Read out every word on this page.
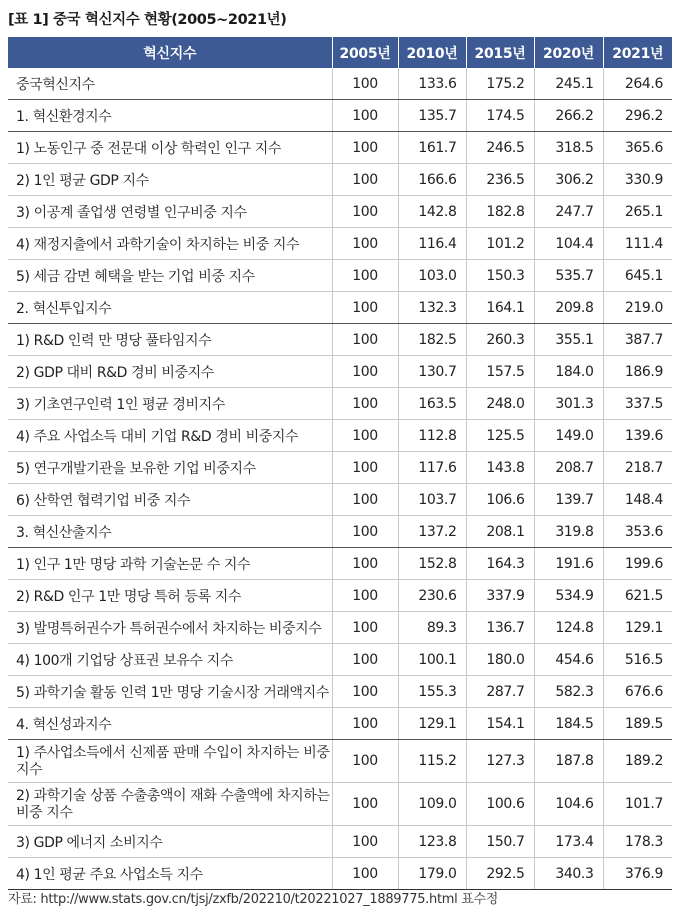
[표 1] 중국 혁신지수 현황(2005~2021년)
혁신지수	2005년	2010년	2015년	2020년	2021년
중국혁신지수	100	133.6	175.2	245.1	264.6
1. 혁신환경지수	100	135.7	174.5	266.2	296.2
1) 노동인구 중 전문대 이상 학력인 인구 지수	100	161.7	246.5	318.5	365.6
2) 1인 평균 GDP 지수	100	166.6	236.5	306.2	330.9
3) 이공계 졸업생 연령별 인구비중 지수	100	142.8	182.8	247.7	265.1
4) 재정지출에서 과학기술이 차지하는 비중 지수	100	116.4	101.2	104.4	111.4
5) 세금 감면 혜택을 받는 기업 비중 지수	100	103.0	150.3	535.7	645.1
2. 혁신투입지수	100	132.3	164.1	209.8	219.0
1) R&D 인력 만 명당 풀타임지수	100	182.5	260.3	355.1	387.7
2) GDP 대비 R&D 경비 비중지수	100	130.7	157.5	184.0	186.9
3) 기초연구인력 1인 평균 경비지수	100	163.5	248.0	301.3	337.5
4) 주요 사업소득 대비 기업 R&D 경비 비중지수	100	112.8	125.5	149.0	139.6
5) 연구개발기관을 보유한 기업 비중지수	100	117.6	143.8	208.7	218.7
6) 산학연 협력기업 비중 지수	100	103.7	106.6	139.7	148.4
3. 혁신산출지수	100	137.2	208.1	319.8	353.6
1) 인구 1만 명당 과학 기술논문 수 지수	100	152.8	164.3	191.6	199.6
2) R&D 인구 1만 명당 특허 등록 지수	100	230.6	337.9	534.9	621.5
3) 발명특허권수가 특허권수에서 차지하는 비중지수	100	89.3	136.7	124.8	129.1
4) 100개 기업당 상표권 보유수 지수	100	100.1	180.0	454.6	516.5
5) 과학기술 활동 인력 1만 명당 기술시장 거래액지수	100	155.3	287.7	582.3	676.6
4. 혁신성과지수	100	129.1	154.1	184.5	189.5
1) 주사업소득에서 신제품 판매 수입이 차지하는 비중 지수	100	115.2	127.3	187.8	189.2
2) 과학기술 상품 수출총액이 재화 수출액에 차지하는 비중 지수	100	109.0	100.6	104.6	101.7
3) GDP 에너지 소비지수	100	123.8	150.7	173.4	178.3
4) 1인 평균 주요 사업소득 지수	100	179.0	292.5	340.3	376.9
자료: http://www.stats.gov.cn/tjsj/zxfb/202210/t20221027_1889775.html 표수정
